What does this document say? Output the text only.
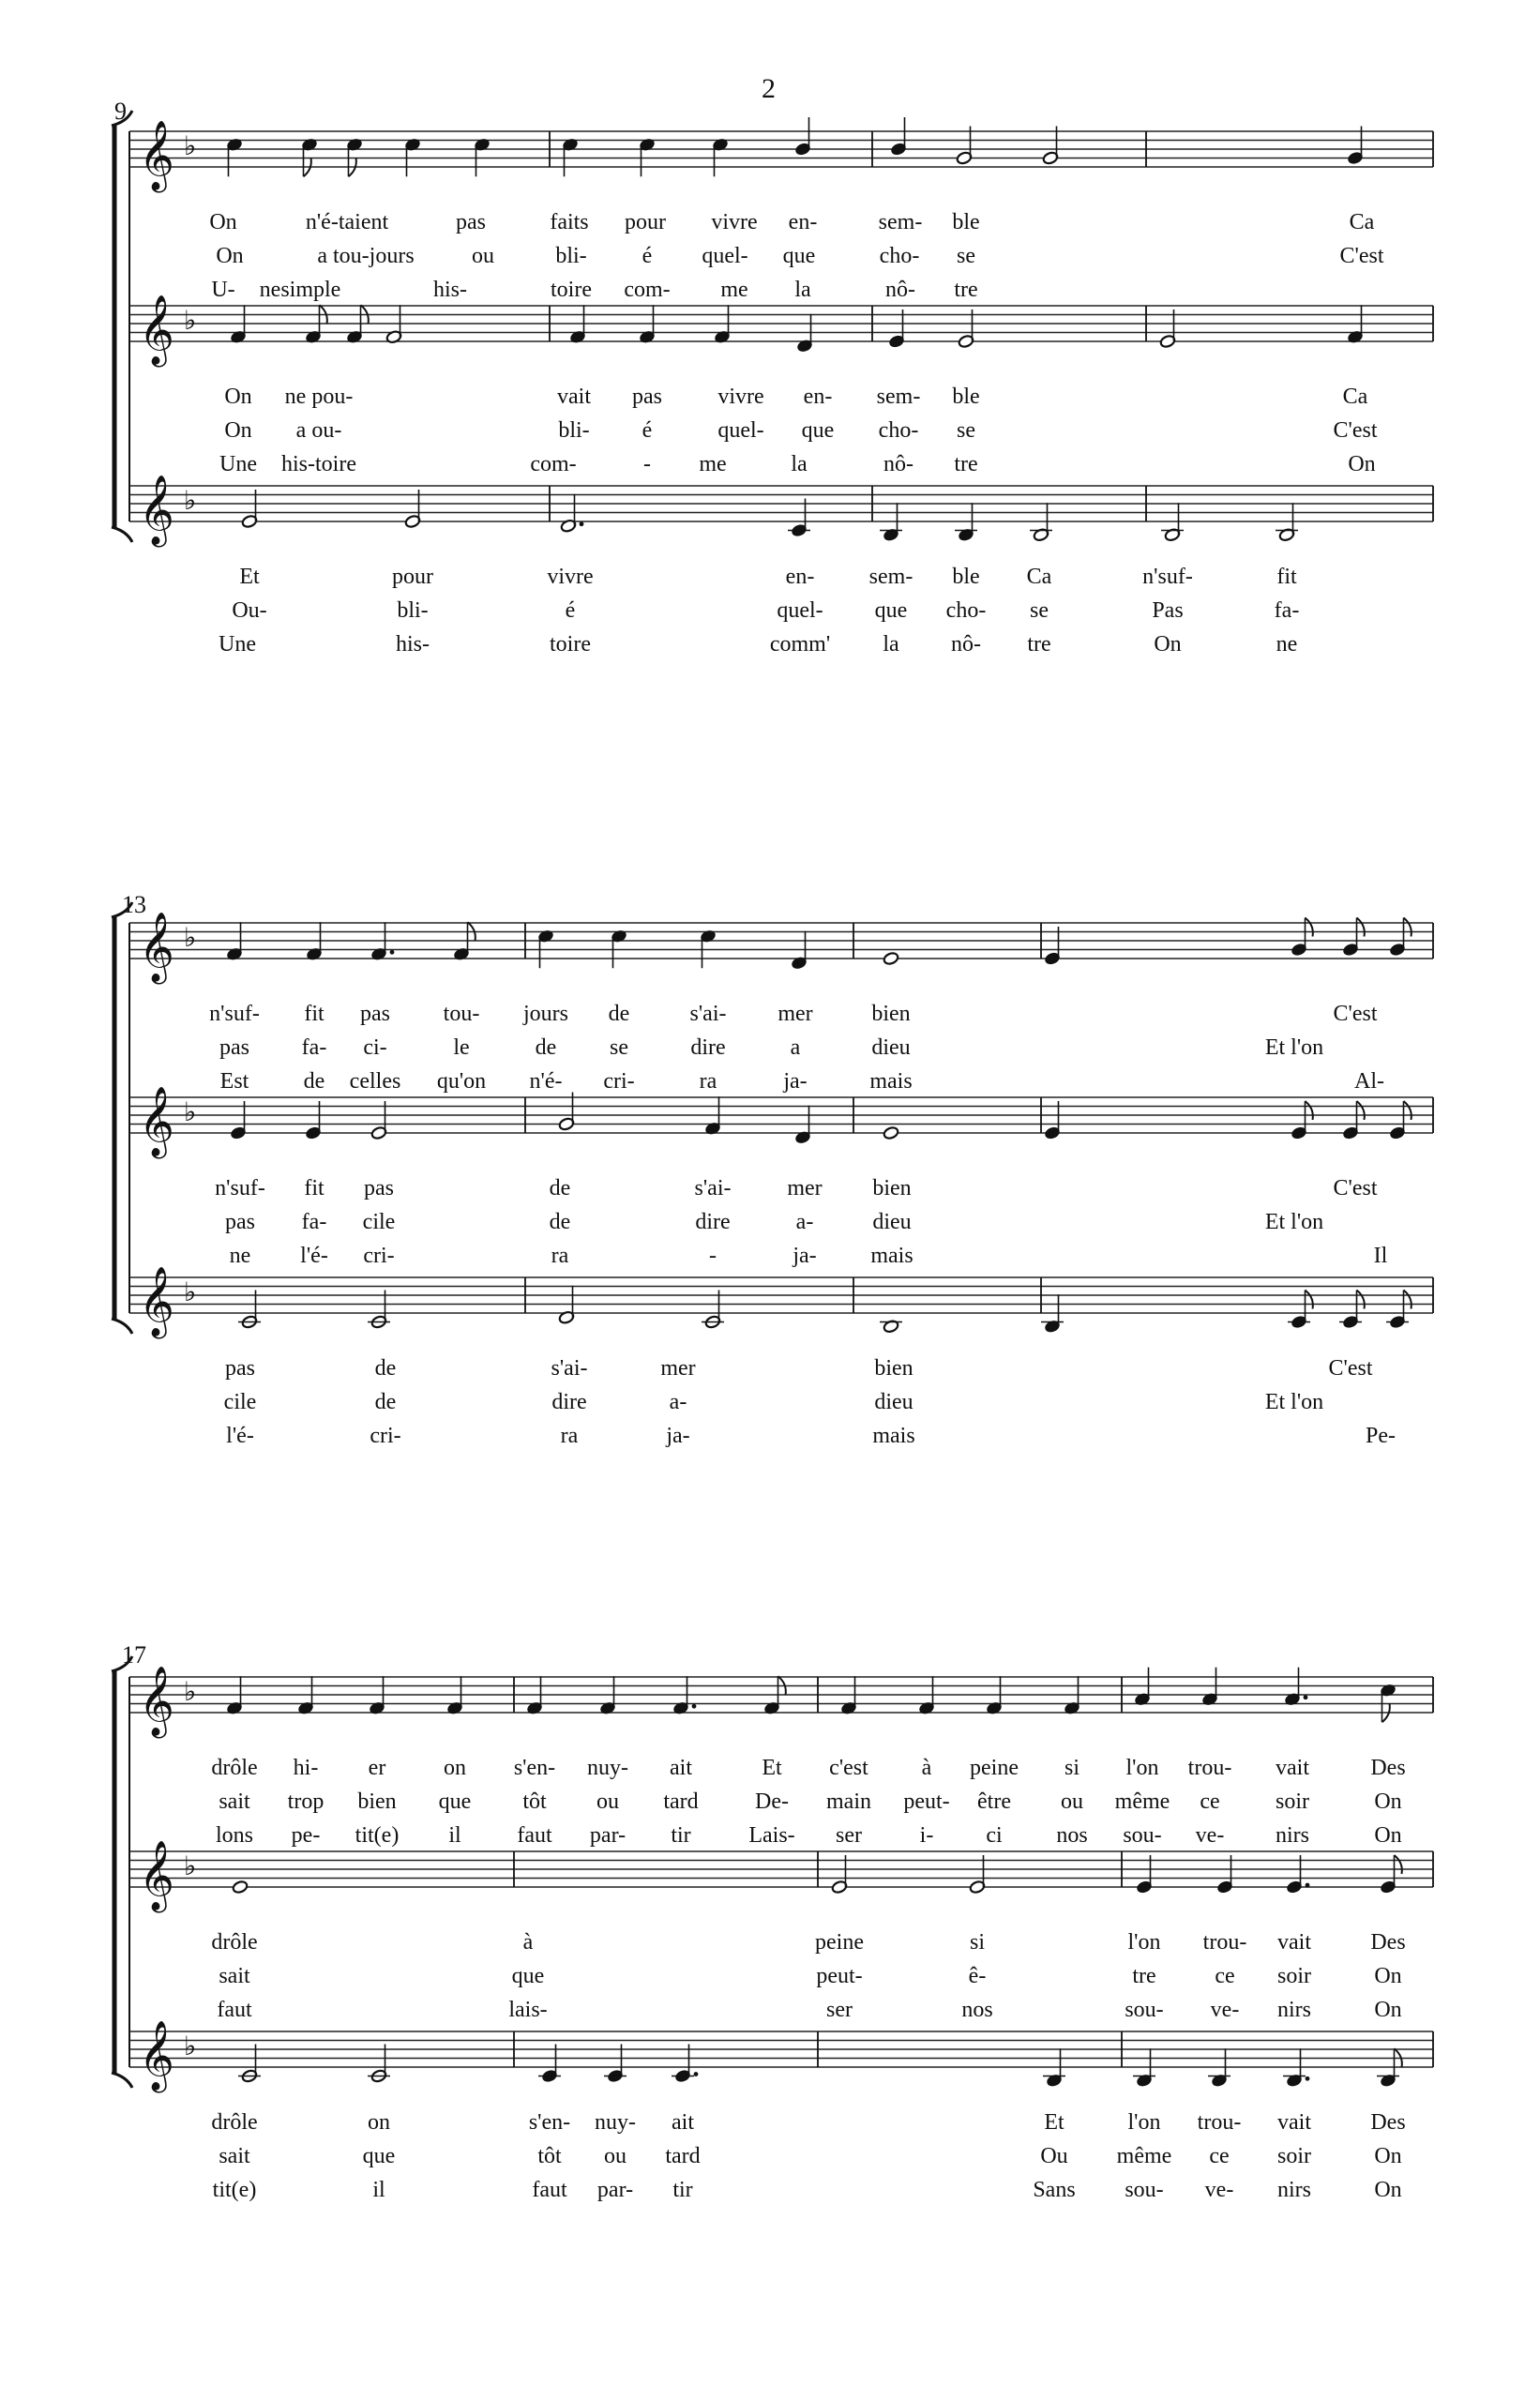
2
9
13
17
𝄞 ♭
𝄞 ♭
𝄞 ♭
𝄞 ♭
𝄞 ♭
𝄞 ♭
𝄞 ♭
𝄞 ♭
𝄞 ♭
On	n'é-taient	pas	faits pour vivre en-	sem- ble	Ca
On	a tou-jours	ou	bli- é quel- que	cho- se	C'est
U- nesimple	his-	toire com- me la	nô- tre
On ne pou-	vait pas vivre en- sem- ble	Ca
On a ou-	bli- é	quel- que cho- se	C'est
Une his-toire	com-	- me	la	nô- tre	On
Et	pour	vivre	en- sem- ble Ca	n'suf-	fit
Ou-	bli-	é	quel- que cho- se	Pas	fa-
Une	his-	toire	comm' la nô- tre	On	ne
n'suf- fit pas tou- jours de	s'ai- mer	bien	C'est
pas fa- ci-	le	de se	dire	a	dieu	Et l'on
Est de celles qu'on n'é- cri-	ra	ja-	mais	Al-
n'suf- fit pas	de	s'ai- mer bien	C'est
pas fa- cile	de	dire	a-	dieu	Et l'on
ne l'é- cri-	ra	-	ja- mais	Il
pas	de	s'ai-	mer	bien	C'est
cile	de	dire	a-	dieu	Et l'on
l'é-	cri-	ra	ja-	mais	Pe-
drôle hi- er	on s'en- nuy- ait	Et c'est à peine si l'on trou- vait	Des
sait trop bien que tôt ou tard	De- main peut- être ou même ce soir	On
lons pe- tit(e) il faut par- tir	Lais- ser	i- ci nos sou- ve- nirs	On
drôle	à	peine	si	l'on trou- vait	Des
sait	que	peut-	ê-	tre	ce soir	On
faut	lais-	ser	nos	sou- ve- nirs	On
drôle	on	s'en- nuy- ait	Et	l'on trou- vait	Des
sait	que	tôt ou tard	Ou même ce soir	On
tit(e)	il	faut par- tir	Sans sou- ve- nirs	On
